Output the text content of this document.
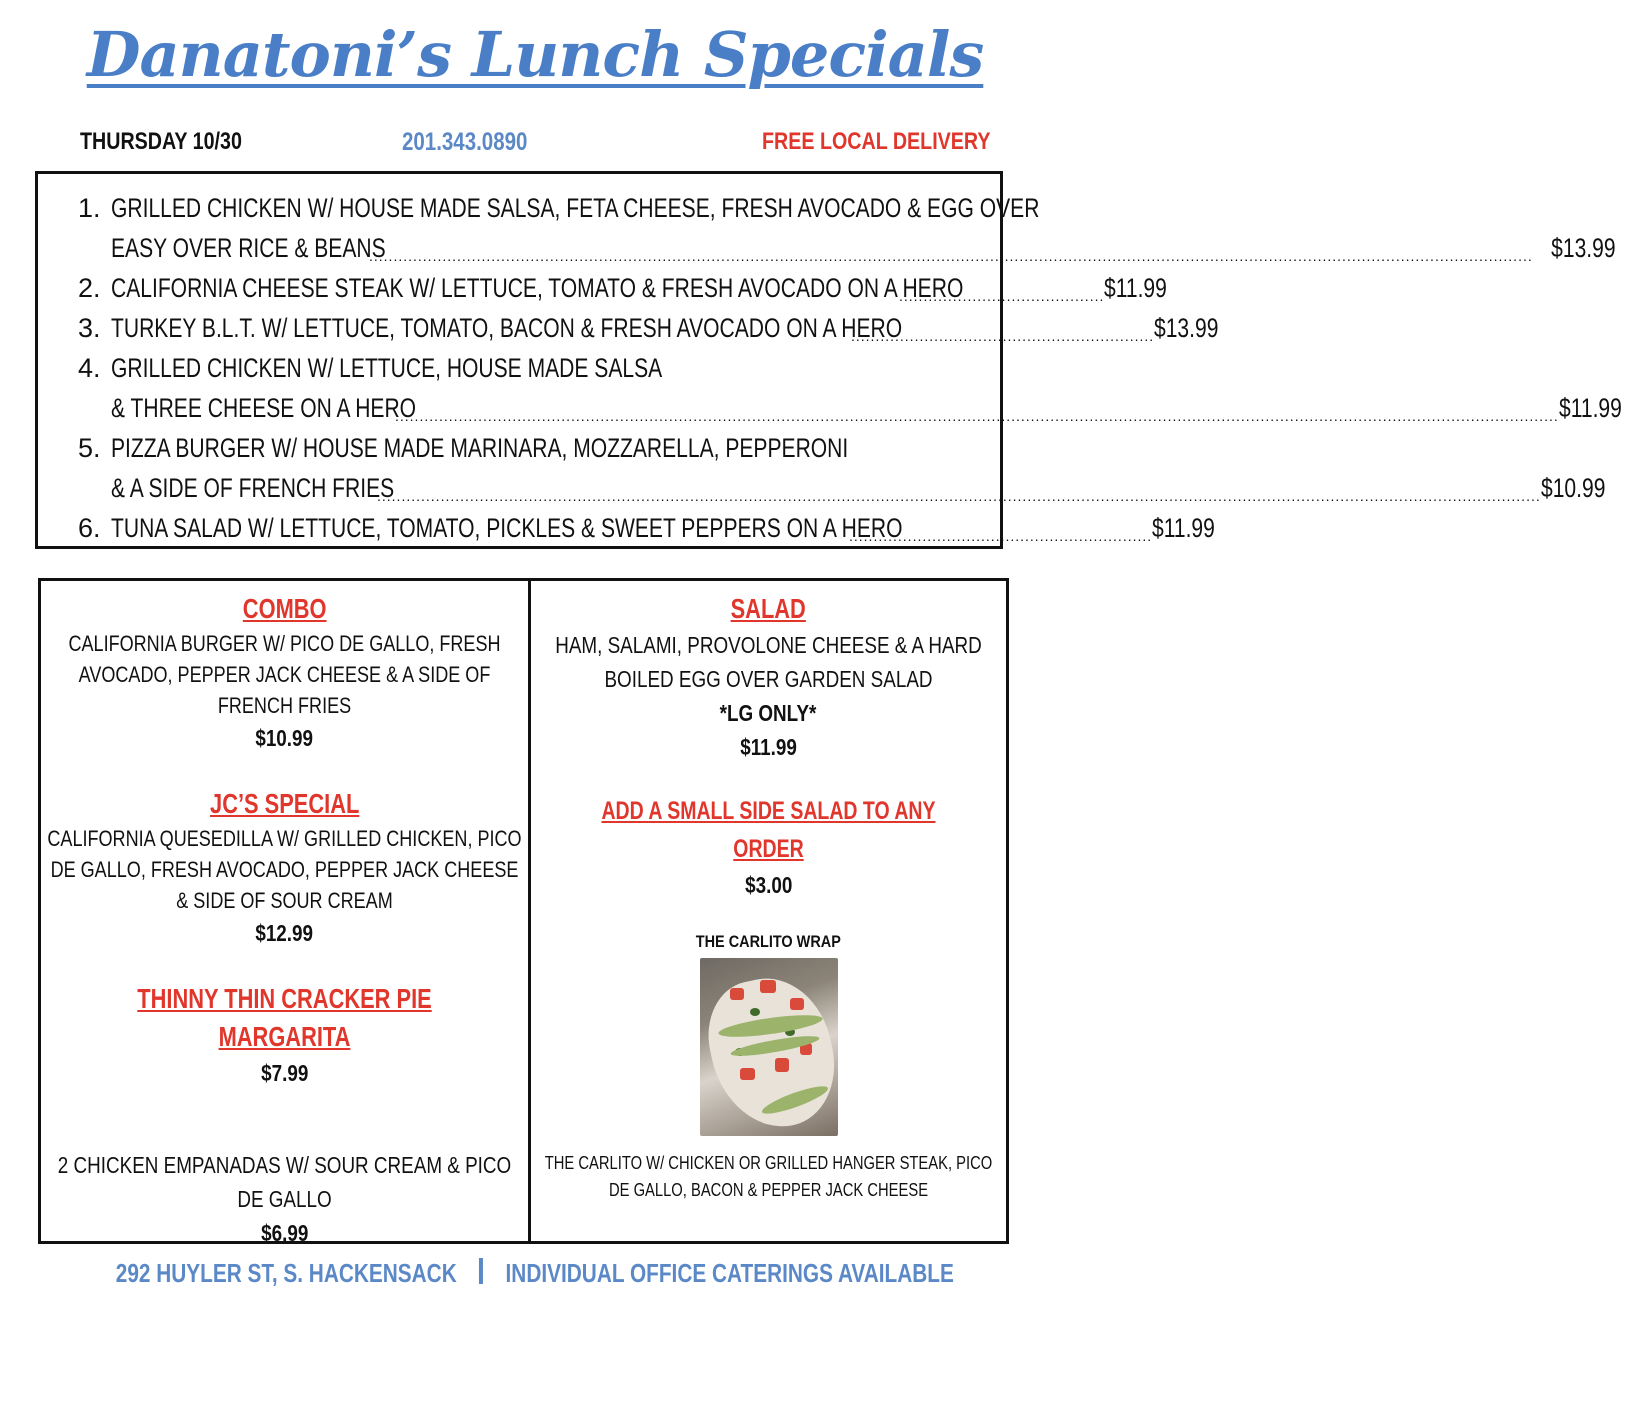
Danatoni’s Lunch Specials
THURSDAY 10/30	201.343.0890	FREE LOCAL DELIVERY
1. GRILLED CHICKEN W/ HOUSE MADE SALSA, FETA CHEESE, FRESH AVOCADO & EGG OVER
EASY OVER RICE & BEANS
.............................................................................................................................................................................................................................................. $13.99
2. CALIFORNIA CHEESE STEAK W/ LETTUCE, TOMATO & FRESH AVOCADO ON A HERO
.......................................... $11.99
3. TURKEY B.L.T. W/ LETTUCE, TOMATO, BACON & FRESH AVOCADO ON A HERO
.............................................................. $13.99
4. GRILLED CHICKEN W/ LETTUCE, HOUSE MADE SALSA
& THREE CHEESE ON A HERO
.............................................................................................................................................................................................................................................. $11.99
5. PIZZA BURGER W/ HOUSE MADE MARINARA, MOZZARELLA, PEPPERONI
& A SIDE OF FRENCH FRIES
.............................................................................................................................................................................................................................................. $10.99
6. TUNA SALAD W/ LETTUCE, TOMATO, PICKLES & SWEET PEPPERS ON A HERO
.............................................................. $11.99
COMBO
CALIFORNIA BURGER W/ PICO DE GALLO, FRESH AVOCADO, PEPPER JACK CHEESE & A SIDE OF FRENCH FRIES
$10.99
JC’S SPECIAL
CALIFORNIA QUESEDILLA W/ GRILLED CHICKEN, PICO DE GALLO, FRESH AVOCADO, PEPPER JACK CHEESE & SIDE OF SOUR CREAM
$12.99
THINNY THIN CRACKER PIE MARGARITA
$7.99
2 CHICKEN EMPANADAS W/ SOUR CREAM & PICO DE GALLO
$6.99
SALAD
HAM, SALAMI, PROVOLONE CHEESE & A HARD BOILED EGG OVER GARDEN SALAD
*LG ONLY*
$11.99
ADD A SMALL SIDE SALAD TO ANY ORDER
$3.00
THE CARLITO WRAP
THE CARLITO W/ CHICKEN OR GRILLED HANGER STEAK, PICO DE GALLO, BACON & PEPPER JACK CHEESE
292 HUYLER ST, S. HACKENSACK INDIVIDUAL OFFICE CATERINGS AVAILABLE
